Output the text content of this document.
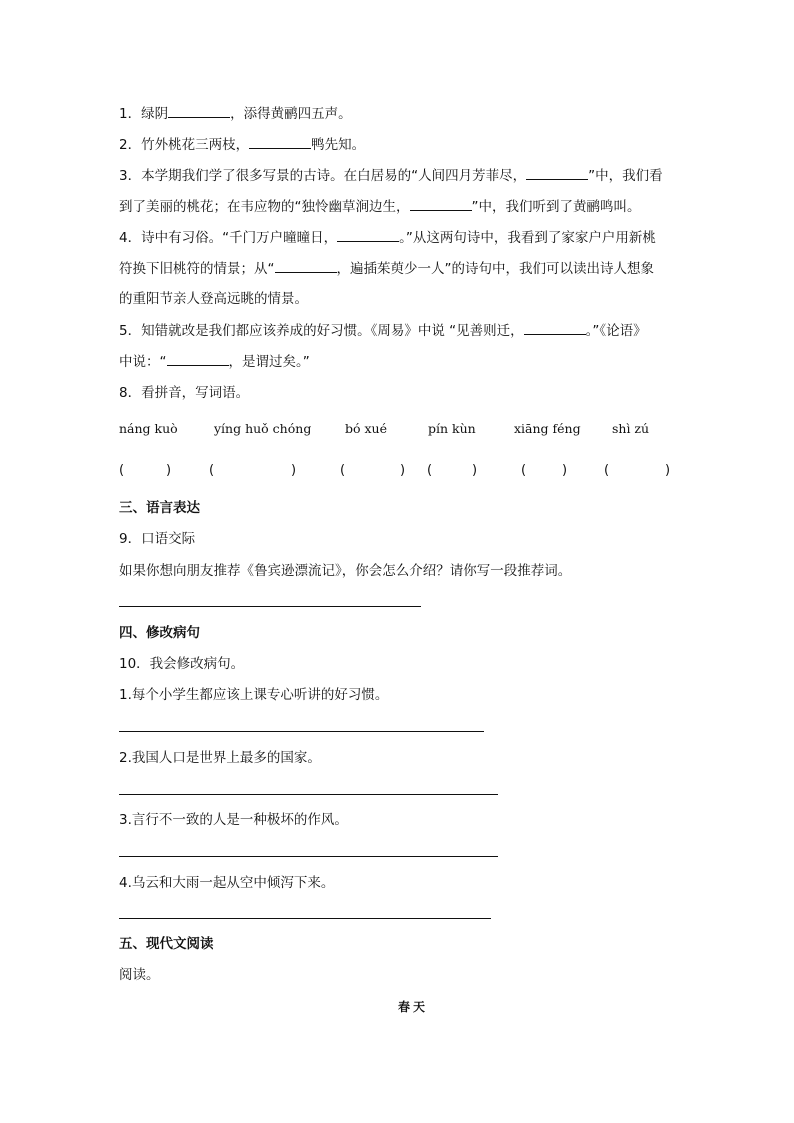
1．绿阴	，添得黄鹂四五声。
2．竹外桃花三两枝，	鸭先知。
3．本学期我们学了很多写景的古诗。在白居易的“人间四月芳菲尽，	”中，我们看
到了美丽的桃花；在韦应物的“独怜幽草涧边生，	”中，我们听到了黄鹂鸣叫。
4．诗中有习俗。“千门万户曈曈日，	。”从这两句诗中，我看到了家家户户用新桃
符换下旧桃符的情景；从“	，遍插茱萸少一人”的诗句中，我们可以读出诗人想象
的重阳节亲人登高远眺的情景。
5．知错就改是我们都应该养成的好习惯。《周易》中说 “见善则迁，	。”《论语》
中说：“	，是谓过矣。”
8．看拼音，写词语。
náng kuò	yíng huǒ chóng	bó xué	pín kùn	xiāng féng	shì zú
(	)	(	)	(	) (	)	(	)	(	)
三、语言表达
9．口语交际
如果你想向朋友推荐《鲁宾逊漂流记》，你会怎么介绍？请你写一段推荐词。
四、修改病句
10．我会修改病句。
1.每个小学生都应该上课专心听讲的好习惯。
2.我国人口是世界上最多的国家。
3.言行不一致的人是一种极坏的作风。
4.乌云和大雨一起从空中倾泻下来。
五、现代文阅读
阅读。
春天
